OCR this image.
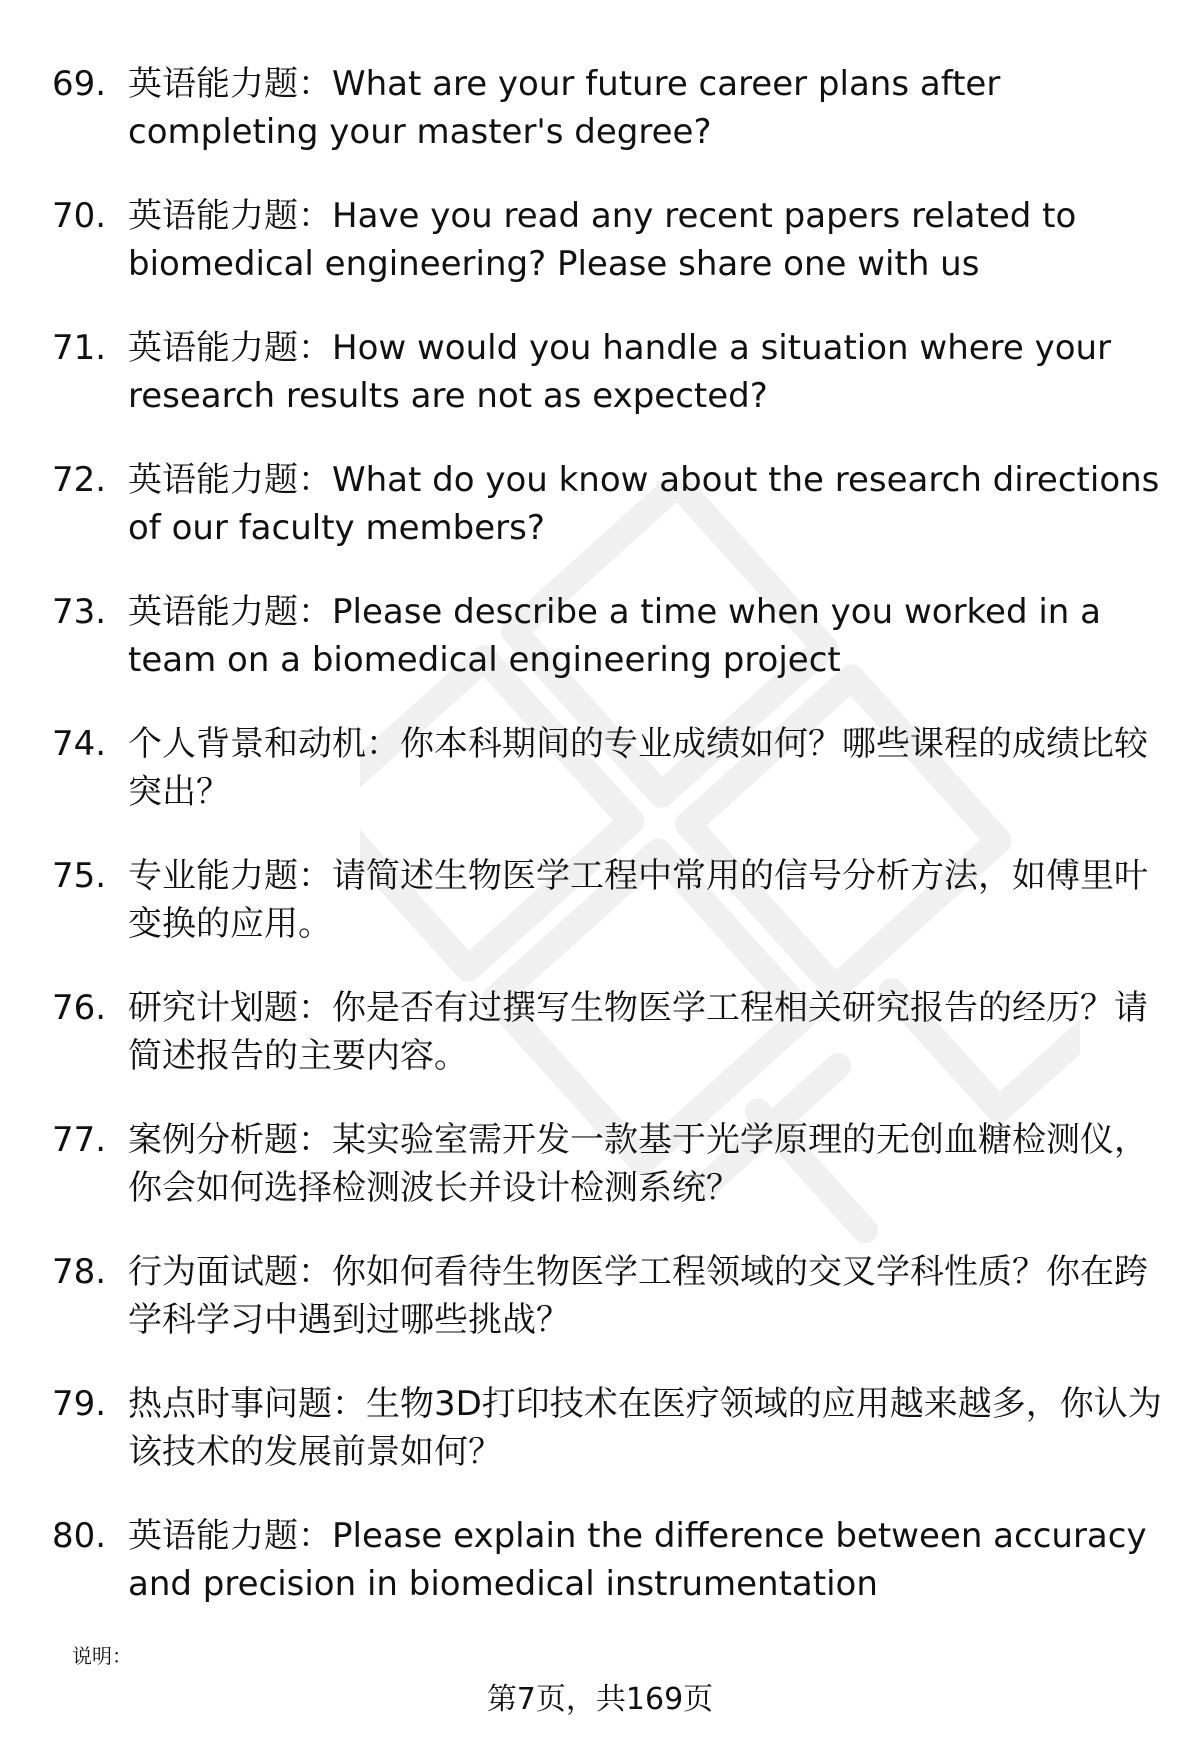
69. 英语能力题：What are your future career plans after completing your master's degree?
70. 英语能力题：Have you read any recent papers related to biomedical engineering? Please share one with us
71. 英语能力题：How would you handle a situation where your research results are not as expected?
72. 英语能力题：What do you know about the research directions of our faculty members?
73. 英语能力题：Please describe a time when you worked in a team on a biomedical engineering project
74. 个人背景和动机：你本科期间的专业成绩如何？哪些课程的成绩比较突出？
75. 专业能力题：请简述生物医学工程中常用的信号分析方法，如傅里叶变换的应用。
76. 研究计划题：你是否有过撰写生物医学工程相关研究报告的经历？请简述报告的主要内容。
77. 案例分析题：某实验室需开发一款基于光学原理的无创血糖检测仪，你会如何选择检测波长并设计检测系统？
78. 行为面试题：你如何看待生物医学工程领域的交叉学科性质？你在跨学科学习中遇到过哪些挑战？
79. 热点时事问题：生物3D打印技术在医疗领域的应用越来越多，你认为该技术的发展前景如何？
80. 英语能力题：Please explain the difference between accuracy and precision in biomedical instrumentation
说明：
第7页，共169页
